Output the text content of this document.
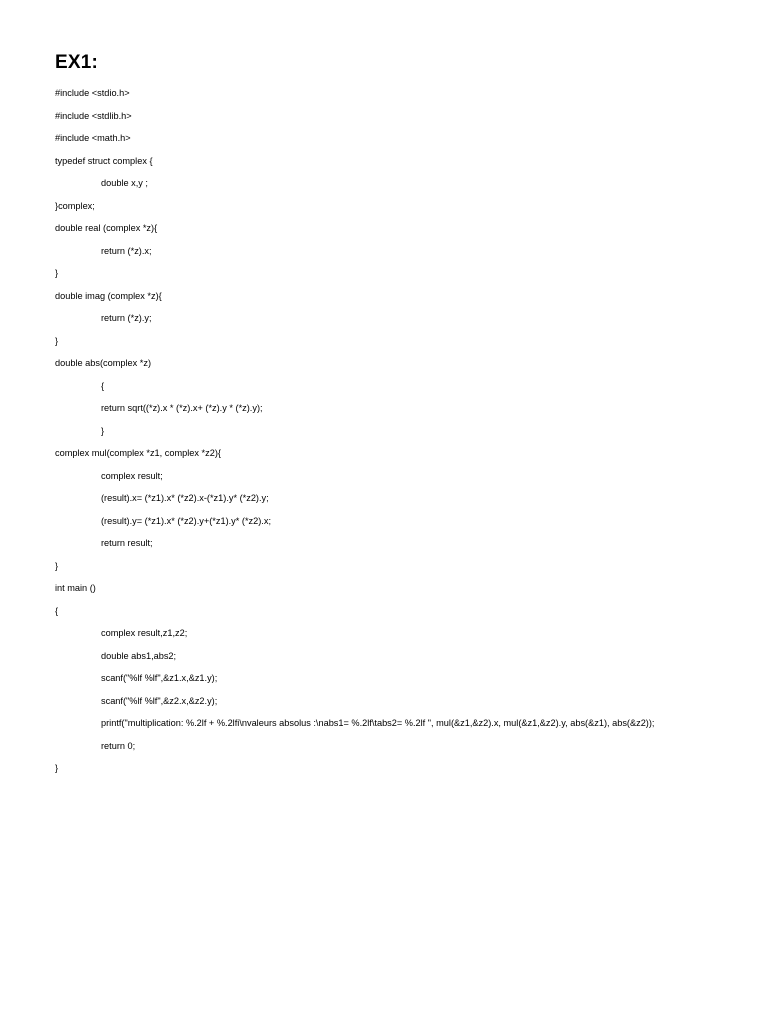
EX1:
#include <stdio.h>
#include <stdlib.h>
#include <math.h>
typedef struct complex {
double x,y ;
}complex;
double real (complex *z){
return (*z).x;
}
double imag (complex *z){
return (*z).y;
}
double abs(complex *z)
{
return sqrt((*z).x * (*z).x+ (*z).y * (*z).y);
}
complex mul(complex *z1, complex *z2){
complex result;
(result).x= (*z1).x* (*z2).x-(*z1).y* (*z2).y;
(result).y= (*z1).x* (*z2).y+(*z1).y* (*z2).x;
return result;
}
int main ()
{
complex result,z1,z2;
double abs1,abs2;
scanf("%lf %lf",&z1.x,&z1.y);
scanf("%lf %lf",&z2.x,&z2.y);
printf("multiplication: %.2lf + %.2lfi\nvaleurs absolus :\nabs1= %.2lf\tabs2= %.2lf ", mul(&z1,&z2).x, mul(&z1,&z2).y, abs(&z1), abs(&z2));
return 0;
}
